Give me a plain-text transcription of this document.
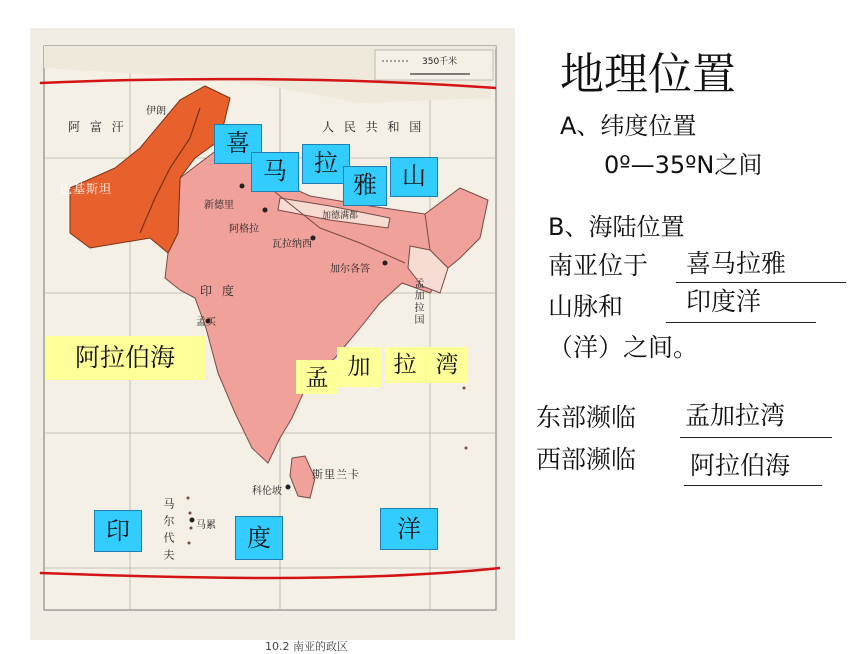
阿 富 汗	人 民 共 和 国
巴基斯坦
伊朗
印 度
新德里
阿格拉
瓦拉纳西
加尔各答
孟买
科伦坡
斯里兰卡
马累
马尔代夫
孟加拉国
加德满都
350千米
10.2 南亚的政区
喜
马	拉
雅	山
阿拉伯海
孟 加	拉 湾
印	度	洋
地理位置
A、纬度位置
0º—35ºN之间
B、海陆位置
南亚位于 喜马拉雅
山脉和	印度洋
（洋）之间。
东部濒临 孟加拉湾
西部濒临 阿拉伯海
